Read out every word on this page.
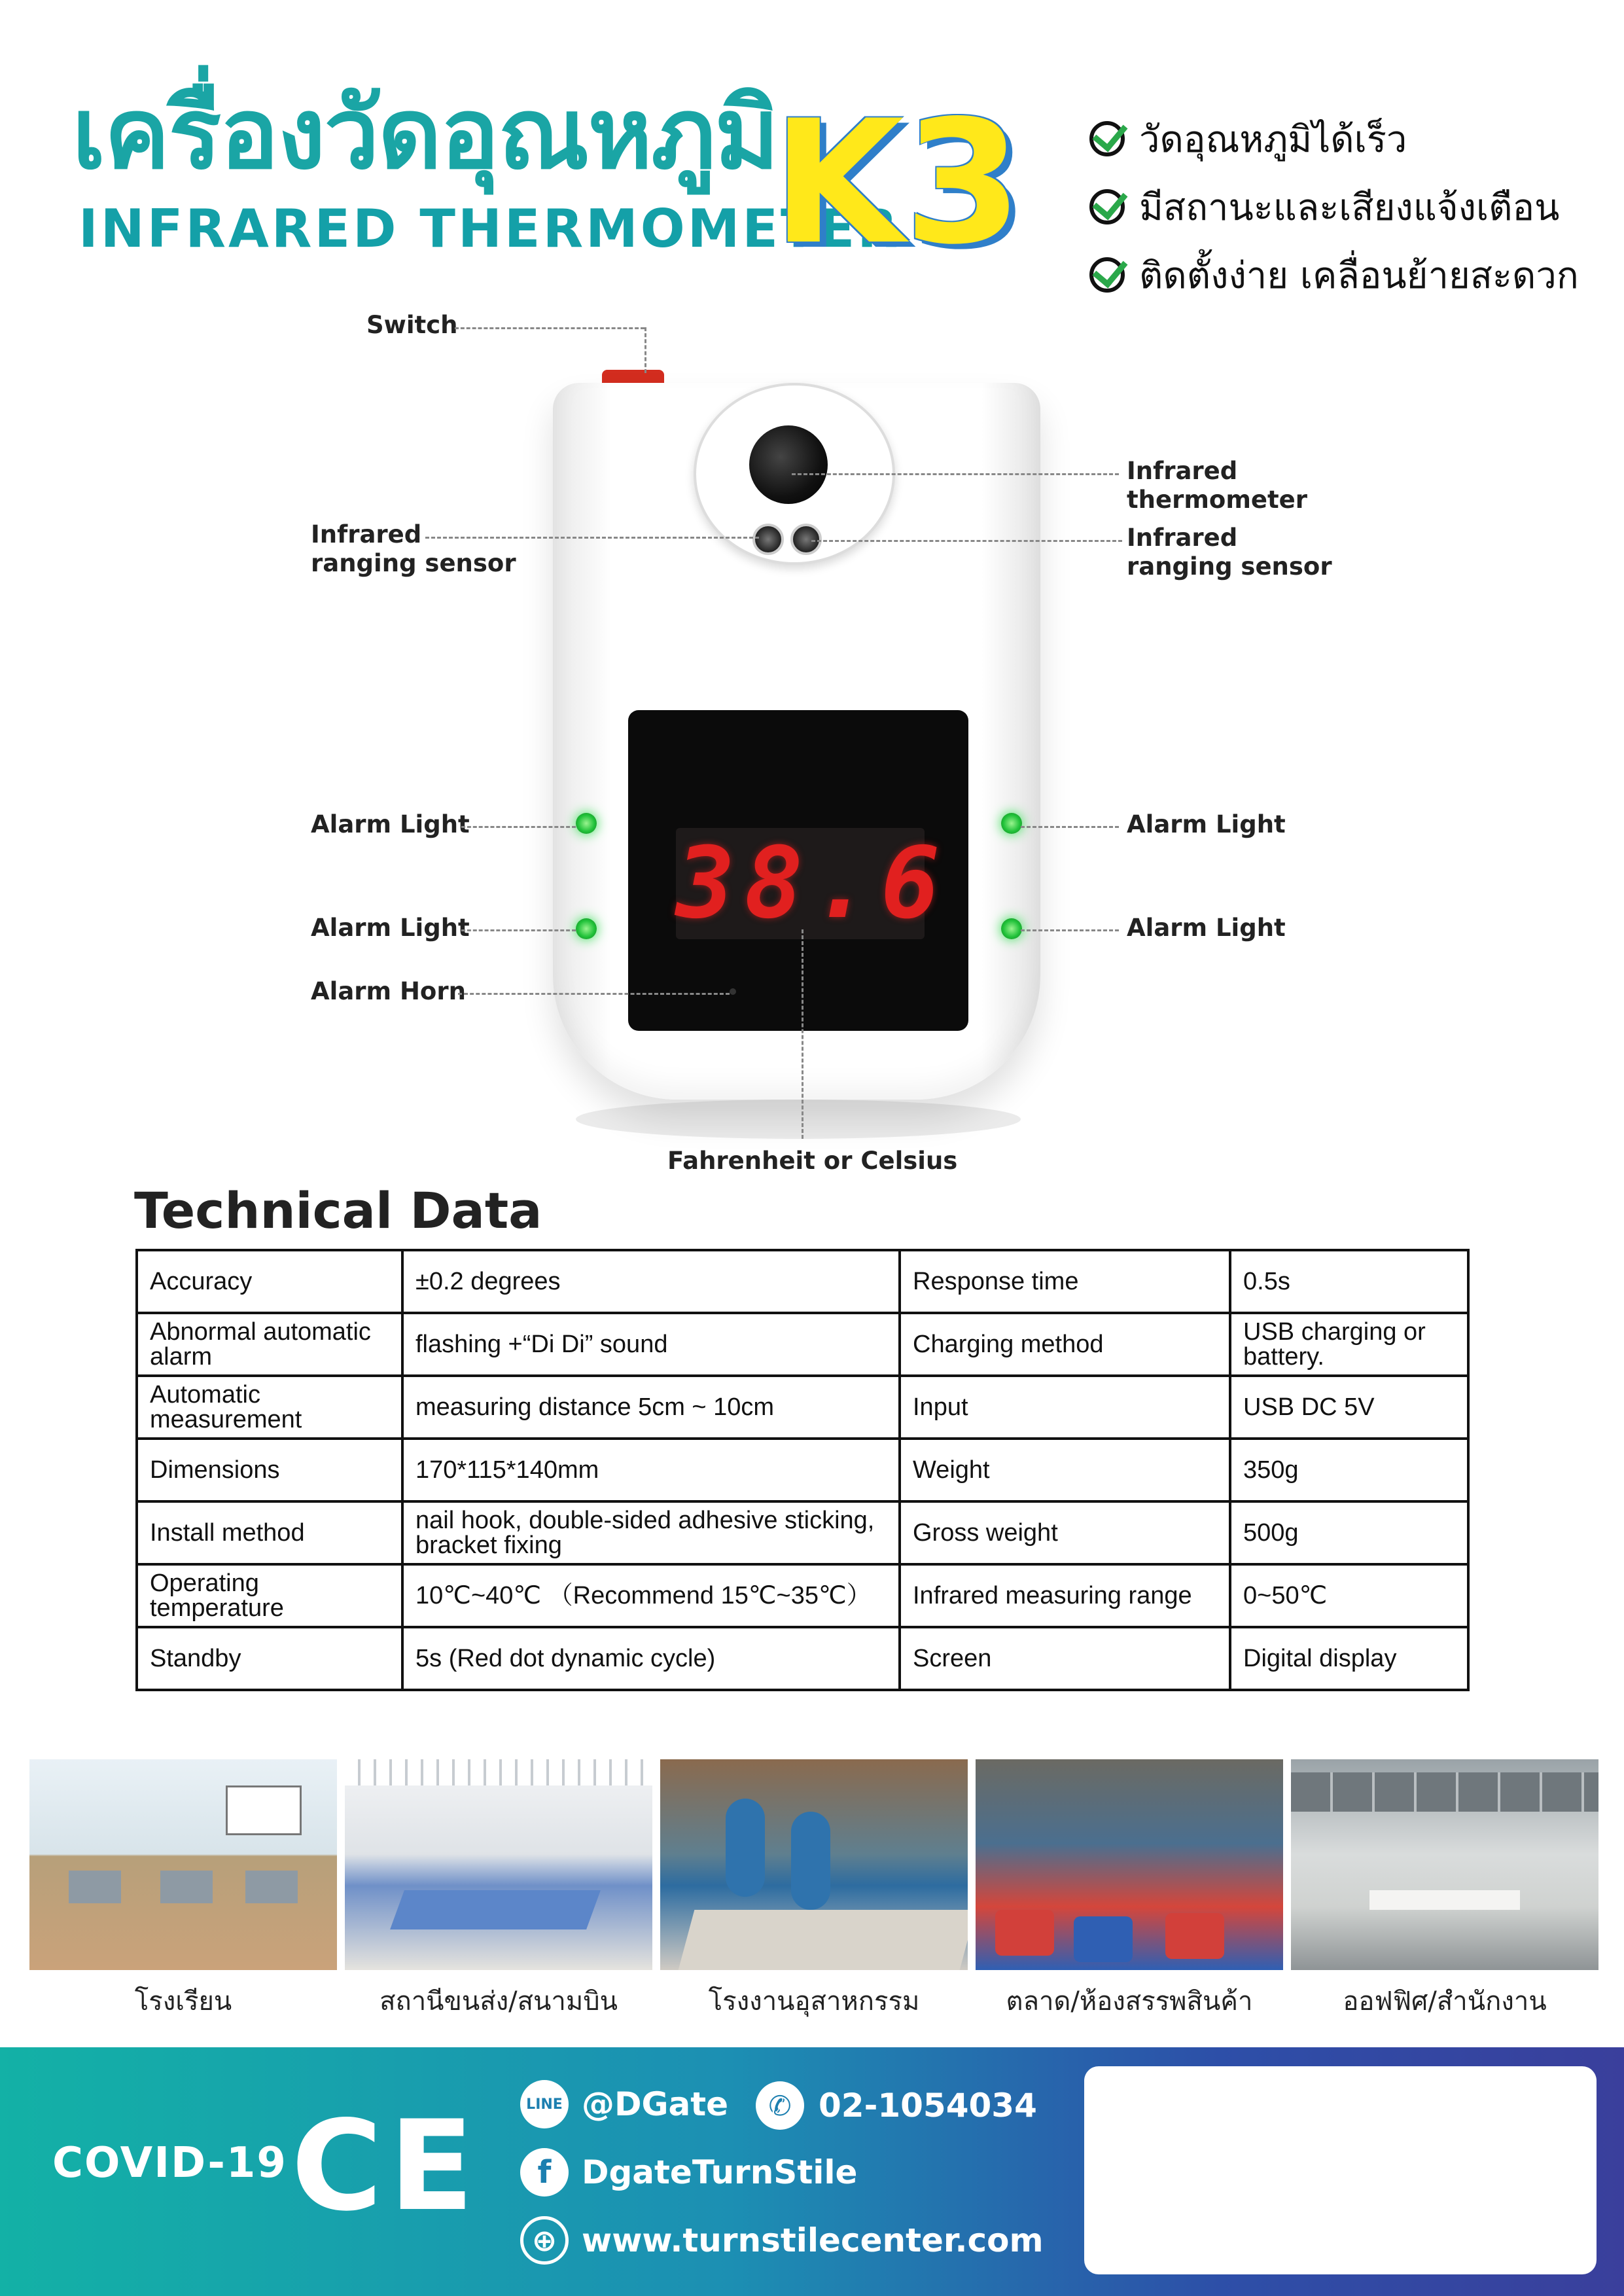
เครื่องวัดอุณหภูมิ
INFRARED THERMOMETER
K3	วัดอุณหภูมิได้เร็ว
มีสถานะและเสียงแจ้งเตือน
ติดตั้งง่าย เคลื่อนย้ายสะดวก
38.6
Switch
Infrared
thermometer
Infrared
ranging sensor
Infrared
ranging sensor
Alarm Light	Alarm Light
Alarm Light	Alarm Light
Alarm Horn
Fahrenheit or Celsius
Technical Data
Accuracy	±0.2 degrees	Response time	0.5s
Abnormal automatic alarm	flashing +“Di Di” sound	Charging method	USB charging or battery.
Automatic measurement	measuring distance 5cm ~ 10cm	Input	USB DC 5V
Dimensions	170*115*140mm	Weight	350g
Install method	nail hook, double-sided adhesive sticking, bracket fixing	Gross weight	500g
Operating temperature	10℃~40℃ （Recommend 15℃~35℃）	Infrared measuring range	0~50℃
Standby	5s (Red dot dynamic cycle)	Screen	Digital display
โรงเรียน	สถานีขนส่ง/สนามบิน	โรงงานอุสาหกรรม	ตลาด/ห้องสรรพสินค้า	ออฟฟิศ/สำนักงาน
COVID-19 CE	LINE @DGate	✆ 02-1054034
f DgateTurnStile
⊕ www.turnstilecenter.com
